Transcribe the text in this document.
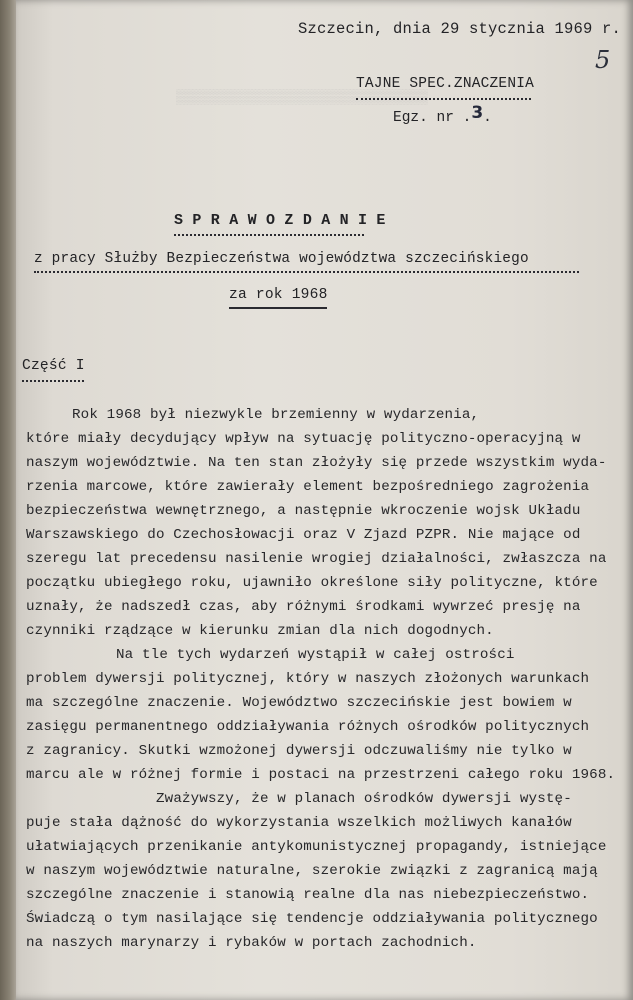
▒▒▒▒▒▒▒▒▒▒▒▒▒▒▒▒▒▒▒▒▒▒▒▒▒▒▒▒▒▒

Szczecin, dnia 29 stycznia 1969 r.
5
TAJNE SPEC.ZNACZENIA
Egz. nr .3.
S P R A W O Z D A N I E
z pracy Służby Bezpieczeństwa województwa szczecińskiego
za rok 1968
Część I
Rok 1968 był niezwykle brzemienny w wydarzenia,
które miały decydujący wpływ na sytuację polityczno-operacyjną w
naszym województwie. Na ten stan złożyły się przede wszystkim wyda-
rzenia marcowe, które zawierały element bezpośredniego zagrożenia
bezpieczeństwa wewnętrznego, a następnie wkroczenie wojsk Układu
Warszawskiego do Czechosłowacji oraz V Zjazd PZPR. Nie mające od
szeregu lat precedensu nasilenie wrogiej działalności, zwłaszcza na
początku ubiegłego roku, ujawniło określone siły polityczne, które
uznały, że nadszedł czas, aby różnymi środkami wywrzeć presję na
czynniki rządzące w kierunku zmian dla nich dogodnych.
Na tle tych wydarzeń wystąpił w całej ostrości
problem dywersji politycznej, który w naszych złożonych warunkach
ma szczególne znaczenie. Województwo szczecińskie jest bowiem w
zasięgu permanentnego oddziaływania różnych ośrodków politycznych
z zagranicy. Skutki wzmożonej dywersji odczuwaliśmy nie tylko w
marcu ale w różnej formie i postaci na przestrzeni całego roku 1968.
Zważywszy, że w planach ośrodków dywersji wystę-
puje stała dążność do wykorzystania wszelkich możliwych kanałów
ułatwiających przenikanie antykomunistycznej propagandy, istniejące
w naszym województwie naturalne, szerokie związki z zagranicą mają
szczególne znaczenie i stanowią realne dla nas niebezpieczeństwo.
Świadczą o tym nasilające się tendencje oddziaływania politycznego
na naszych marynarzy i rybaków w portach zachodnich.
